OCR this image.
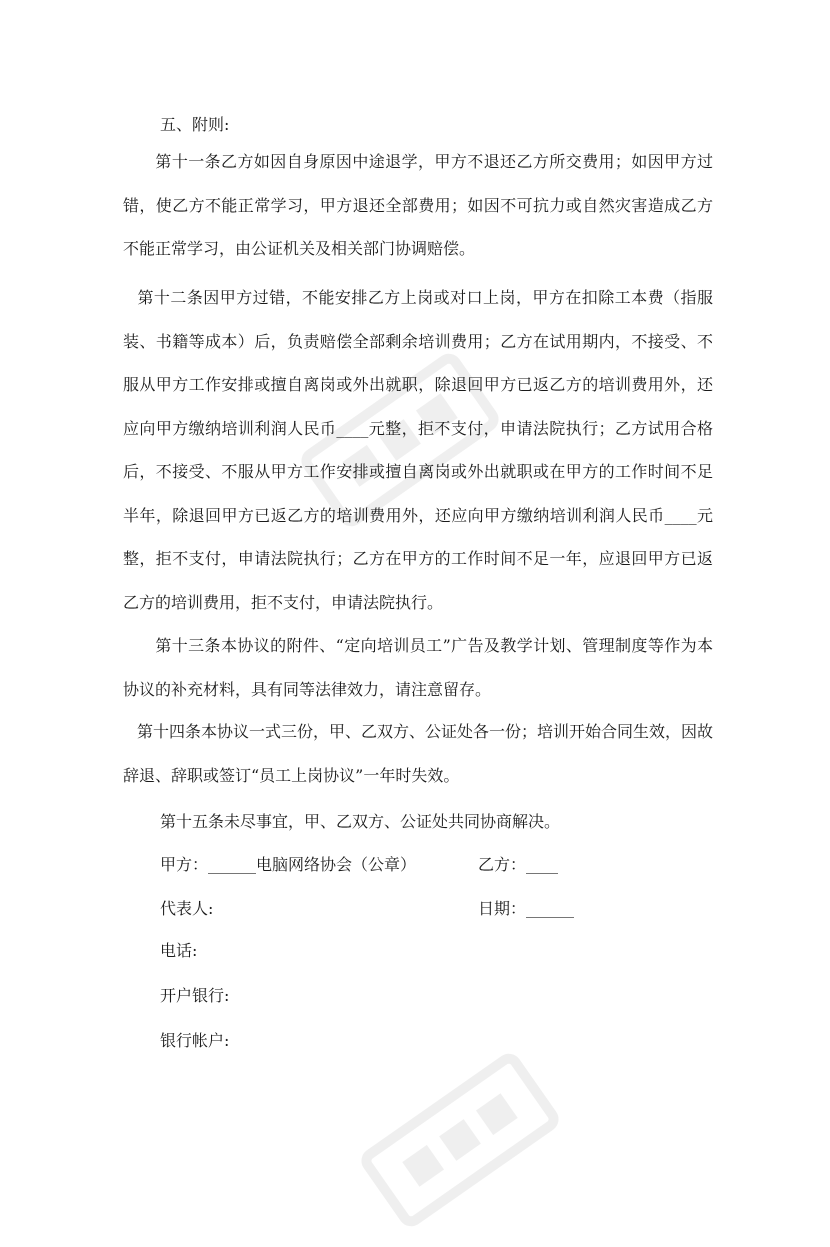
五、附则:
第十一条乙方如因自身原因中途退学，甲方不退还乙方所交费用；如因甲方过错，使乙方不能正常学习，甲方退还全部费用；如因不可抗力或自然灾害造成乙方不能正常学习，由公证机关及相关部门协调赔偿。
第十二条因甲方过错，不能安排乙方上岗或对口上岗，甲方在扣除工本费（指服装、书籍等成本）后，负责赔偿全部剩余培训费用；乙方在试用期内，不接受、不服从甲方工作安排或擅自离岗或外出就职，除退回甲方已返乙方的培训费用外，还应向甲方缴纳培训利润人民币____元整，拒不支付，申请法院执行；乙方试用合格后，不接受、不服从甲方工作安排或擅自离岗或外出就职或在甲方的工作时间不足半年，除退回甲方已返乙方的培训费用外，还应向甲方缴纳培训利润人民币____元整，拒不支付，申请法院执行；乙方在甲方的工作时间不足一年，应退回甲方已返乙方的培训费用，拒不支付，申请法院执行。
第十三条本协议的附件、“定向培训员工”广告及教学计划、管理制度等作为本协议的补充材料，具有同等法律效力，请注意留存。
第十四条本协议一式三份，甲、乙双方、公证处各一份；培训开始合同生效，因故辞退、辞职或签订“员工上岗协议”一年时失效。
第十五条未尽事宜，甲、乙双方、公证处共同协商解决。
甲方：______电脑网络协会（公章）	乙方：____
代表人:	日期：______
电话:
开户银行:
银行帐户:
